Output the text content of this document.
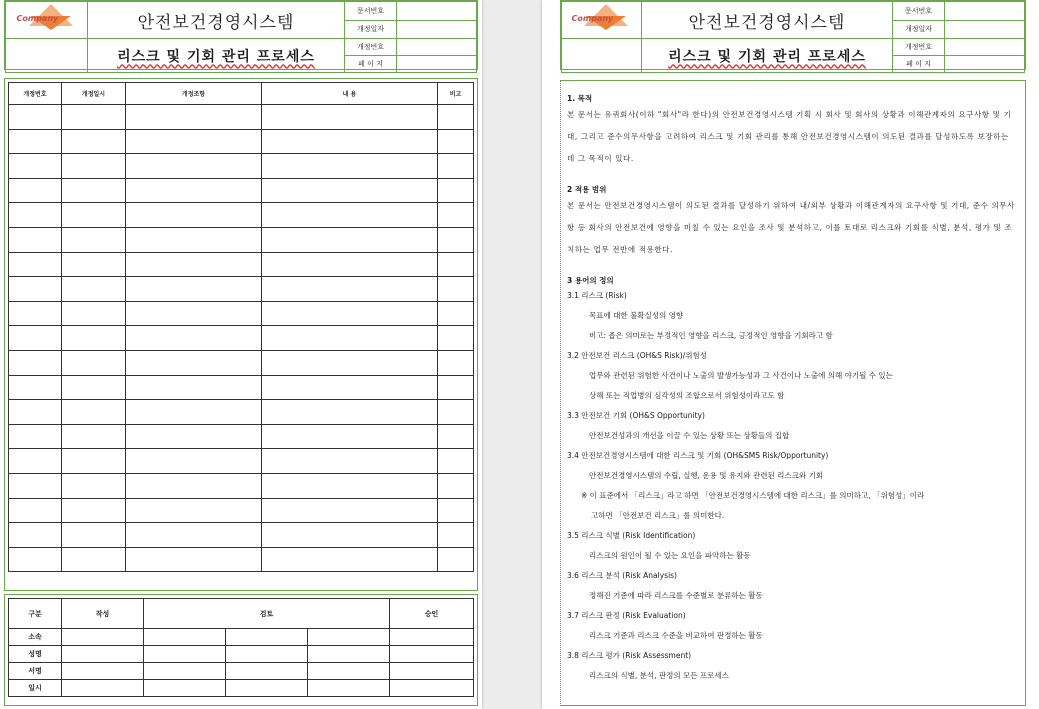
Company	안전보건경영시스템	문서번호	
		개정일자	
	리스크 및 기회 관리 프로세스	개정번호	
		페 이 지	
개정번호	개정일시	개정조항	내 용	비고

구분	작성	검토			승인
소속					
성명					
서명					
일시					
Company	안전보건경영시스템	문서번호	
		개정일자	
	리스크 및 기회 관리 프로세스	개정번호	
		페 이 지	
1. 목적
본 문서는 유퀴회사(이하 "회사"라 한다)의 안전보건경영시스템 기획 시 회사 및 회사의 상황과 이해관계자의 요구사항 및 기대, 그리고 준수의무사항을 고려하여 리스크 및 기회 관리를 통해 안전보건경영시스템이 의도된 결과를 달성하도록 보장하는 데 그 목적이 있다.
2 적용 범위
본 문서는 안전보건경영시스템이 의도된 결과를 달성하기 위하여 내/외부 상황과 이해관계자의 요구사항 및 기대, 준수 의무사항 등 회사의 안전보건에 영향을 미칠 수 있는 요인을 조사 및 분석하고, 이를 토대로 리스크와 기회를 식별, 분석, 평가 및 조치하는 업무 전반에 적용한다.
3 용어의 정의
3.1 리스크 (Risk)
목표에 대한 불확실성의 영향
비고: 좁은 의미로는 부정적인 영향을 리스크, 긍정적인 영향을 기회라고 함
3.2 안전보건 리스크 (OH&S Risk)/위험성
업무와 관련된 위험한 사건이나 노출의 발생가능성과 그 사건이나 노출에 의해 야기될 수 있는
상해 또는 직업병의 심각성의 조합으로서 위험성이라고도 함
3.3 안전보건 기회 (OH&S Opportunity)
안전보건성과의 개선을 이끌 수 있는 상황 또는 상황들의 집합
3.4 안전보건경영시스템에 대한 리스크 및 기회 (OH&SMS Risk/Opportunity)
안전보건경영시스템의 수립, 실행, 운용 및 유지와 관련된 리스크와 기회
※ 이 표준에서 「리스크」라고 하면 「안전보건경영시스템에 대한 리스크」를 의미하고, 「위험성」이라
고하면 「안전보건 리스크」를 의미한다.
3.5 리스크 식별 (Risk Identification)
리스크의 원인이 될 수 있는 요인을 파악하는 활동
3.6 리스크 분석 (Risk Analysis)
정해진 기준에 따라 리스크를 수준별로 분류하는 활동
3.7 리스크 판정 (Risk Evaluation)
리스크 기준과 리스크 수준을 비교하여 판정하는 활동
3.8 리스크 평가 (Risk Assessment)
리스크의 식별, 분석, 판정의 모든 프로세스
